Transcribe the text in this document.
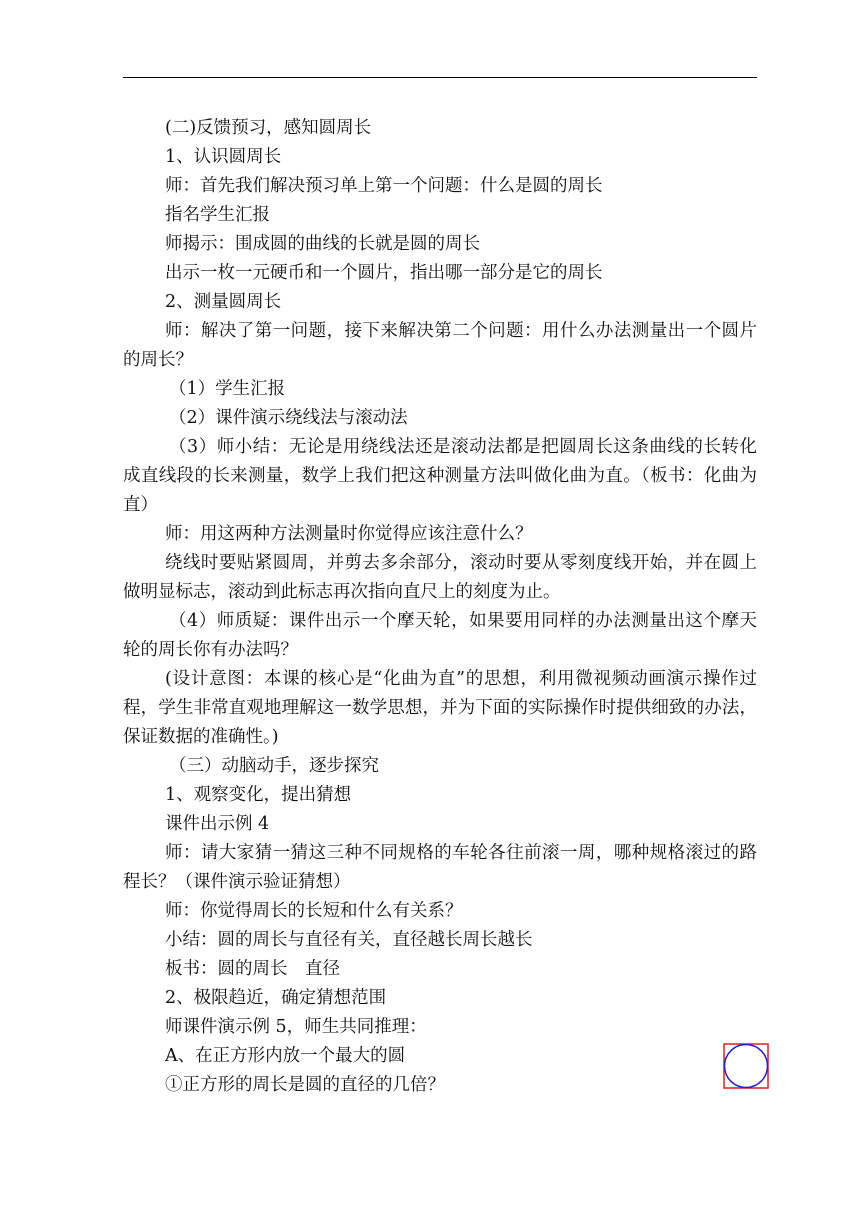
(二)反馈预习，感知圆周长

1、认识圆周长

师：首先我们解决预习单上第一个问题：什么是圆的周长

指名学生汇报

师揭示：围成圆的曲线的长就是圆的周长

出示一枚一元硬币和一个圆片，指出哪一部分是它的周长

2、测量圆周长

师：解决了第一问题，接下来解决第二个问题：用什么办法测量出一个圆片的周长？

（1）学生汇报

（2）课件演示绕线法与滚动法

（3）师小结：无论是用绕线法还是滚动法都是把圆周长这条曲线的长转化成直线段的长来测量，数学上我们把这种测量方法叫做化曲为直。（板书：化曲为直）

师：用这两种方法测量时你觉得应该注意什么？

绕线时要贴紧圆周，并剪去多余部分，滚动时要从零刻度线开始，并在圆上做明显标志，滚动到此标志再次指向直尺上的刻度为止。

（4）师质疑：课件出示一个摩天轮，如果要用同样的办法测量出这个摩天轮的周长你有办法吗？

(设计意图：本课的核心是“化曲为直”的思想，利用微视频动画演示操作过程，学生非常直观地理解这一数学思想，并为下面的实际操作时提供细致的办法，保证数据的准确性。)

（三）动脑动手，逐步探究

1、观察变化，提出猜想

课件出示例 4

师：请大家猜一猜这三种不同规格的车轮各往前滚一周，哪种规格滚过的路程长？（课件演示验证猜想）

师：你觉得周长的长短和什么有关系？

小结：圆的周长与直径有关，直径越长周长越长

板书：圆的周长　直径

2、极限趋近，确定猜想范围

师课件演示例 5，师生共同推理：

A、在正方形内放一个最大的圆

①正方形的周长是圆的直径的几倍？
